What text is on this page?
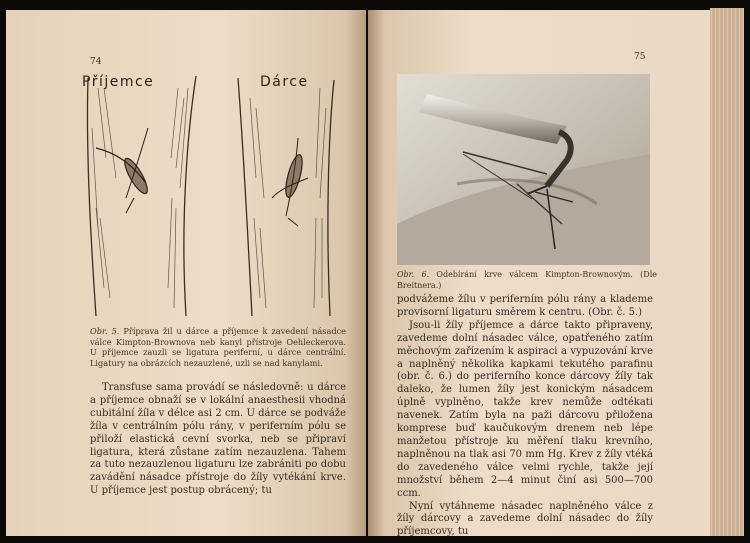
74
Příjemce	Dárce
Obr. 5. Příprava žil u dárce a příjemce k zavedení násadce válce Kimpton-Brownova neb kanyl přístroje Oehleckerova. U příjemce zauzli se ligatura periferní, u dárce centrální. Ligatury na obrázcích nezauzlené, uzli se nad kanylami.

Transfuse sama provádí se následovně: u dárce a příjemce obnaží se v lokální anaesthesii vhodná cubitální žíla v délce asi 2 cm. U dárce se podváže žíla v centrálním pólu rány, v periferním pólu se přiloží elastická cevní svorka, neb se připraví ligatura, která zůstane zatím nezauzlena. Tahem za tuto nezauzlenou ligaturu lze zabrániti po dobu zavádění násadce přístroje do žíly vytékání krve. U příjemce jest postup obrácený; tu

75
Obr. 6. Odebírání krve válcem Kimpton-Brownovým. (Dle Breitnera.)

podvážeme žílu v periferním pólu rány a klademe provisorní ligaturu směrem k centru. (Obr. č. 5.)

Jsou-li žíly příjemce a dárce takto připraveny, zavedeme dolní násadec válce, opatřeného zatím měchovým zařízením k aspiraci a vypuzování krve a naplněný několika kapkami tekutého parafinu (obr. č. 6.) do periferního konce dárcovy žíly tak daleko, že lumen žíly jest konickým násadcem úplně vyplněno, takže krev nemůže odtékati navenek. Zatím byla na paži dárcovu přiložena komprese buď kaučukovým drenem neb lépe manžetou přístroje ku měření tlaku krevního, naplněnou na tlak asi 70 mm Hg. Krev z žíly vtéká do zavedeného válce velmi rychle, takže její množství během 2—4 minut činí asi 500—700 ccm.

Nyní vytáhneme násadec naplněného válce z žíly dárcovy a zavedeme dolní násadec do žíly příjemcovy, tu
